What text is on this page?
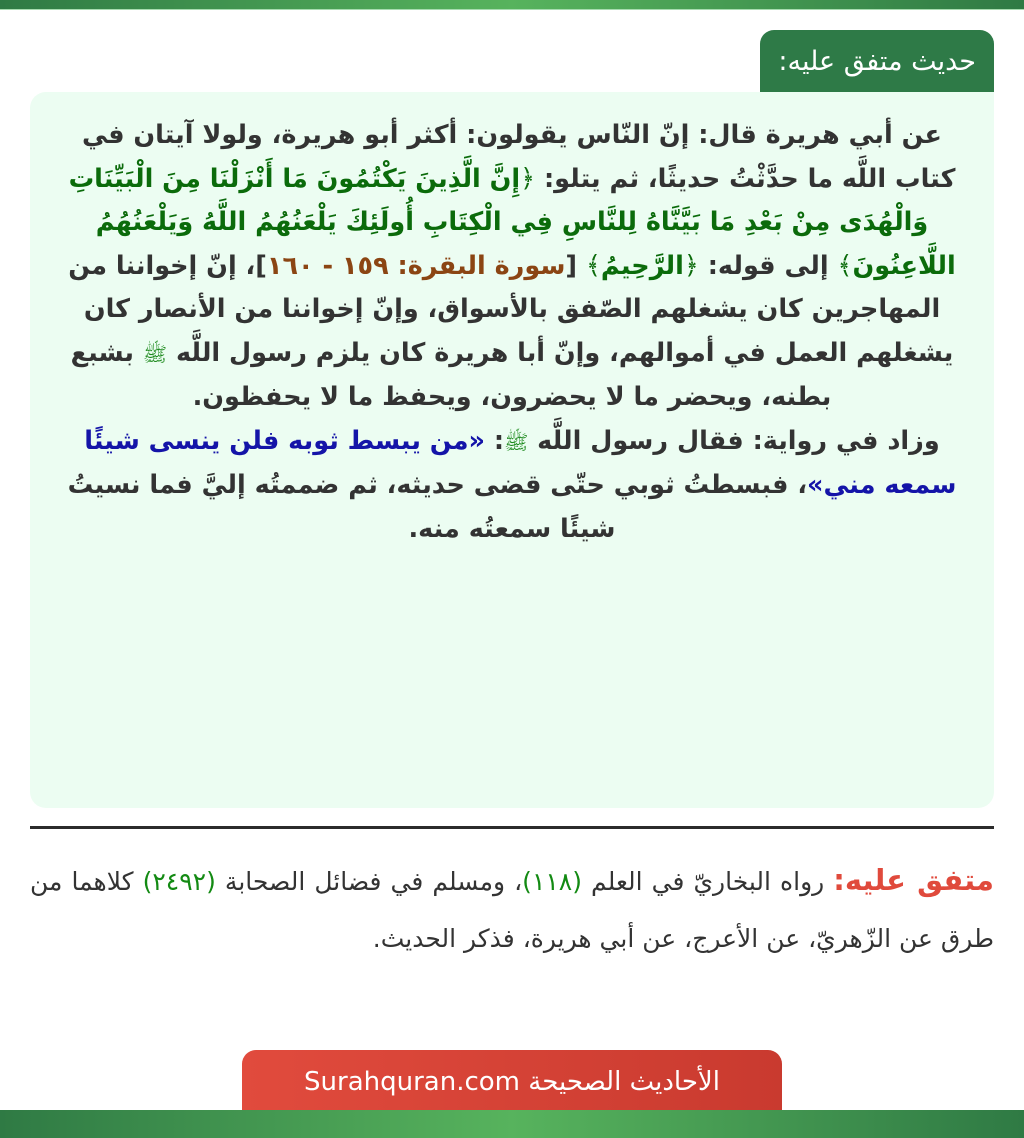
حديث متفق عليه:

عن أبي هريرة قال: إنّ النّاس يقولون: أكثر أبو هريرة، ولولا آيتان في كتاب اللَّه ما حدَّثْتُ حديثًا، ثم يتلو: ﴿إِنَّ الَّذِينَ يَكْتُمُونَ مَا أَنْزَلْنَا مِنَ الْبَيِّنَاتِ وَالْهُدَى مِنْ بَعْدِ مَا بَيَّنَّاهُ لِلنَّاسِ فِي الْكِتَابِ أُولَئِكَ يَلْعَنُهُمُ اللَّهُ وَيَلْعَنُهُمُ اللَّاعِنُونَ﴾ إلى قوله: ﴿الرَّحِيمُ﴾ [سورة البقرة: ١٥٩ - ١٦٠]، إنّ إخواننا من المهاجرين كان يشغلهم الصّفق بالأسواق، وإنّ إخواننا من الأنصار كان يشغلهم العمل في أموالهم، وإنّ أبا هريرة كان يلزم رسول اللَّه ﷺ بشبع بطنه، ويحضر ما لا يحضرون، ويحفظ ما لا يحفظون.

وزاد في رواية: فقال رسول اللَّه ﷺ: «من يبسط ثوبه فلن ينسى شيئًا سمعه مني»، فبسطتُ ثوبي حتّى قضى حديثه، ثم ضممتُه إليَّ فما نسيتُ شيئًا سمعتُه منه.

متفق عليه: رواه البخاريّ في العلم (١١٨)، ومسلم في فضائل الصحابة (٢٤٩٢) كلاهما من طرق عن الزّهريّ، عن الأعرج، عن أبي هريرة، فذكر الحديث.
الأحاديث الصحيحة Surahquran.com
